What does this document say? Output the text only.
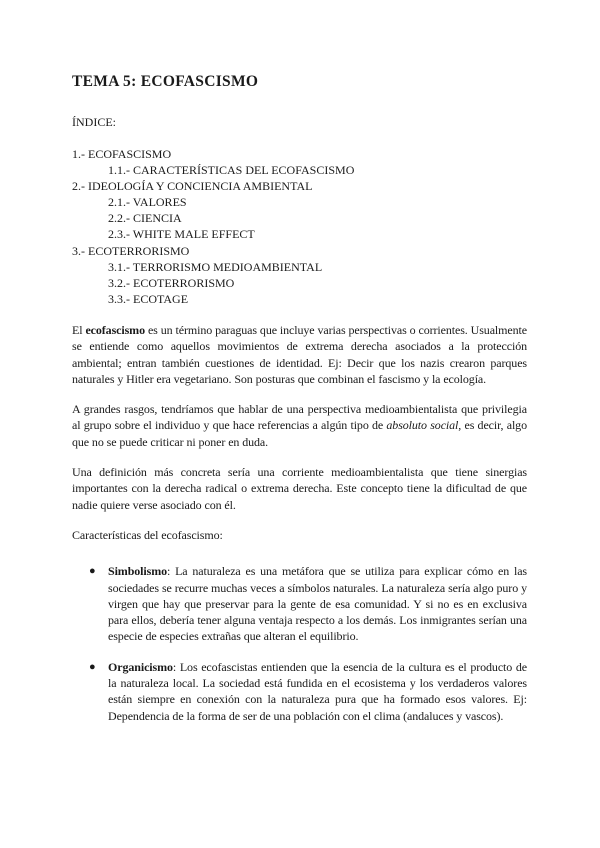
TEMA 5: ECOFASCISMO
ÍNDICE:
1.- ECOFASCISMO
1.1.- CARACTERÍSTICAS DEL ECOFASCISMO
2.- IDEOLOGÍA Y CONCIENCIA AMBIENTAL
2.1.- VALORES
2.2.- CIENCIA
2.3.- WHITE MALE EFFECT
3.- ECOTERRORISMO
3.1.- TERRORISMO MEDIOAMBIENTAL
3.2.- ECOTERRORISMO
3.3.- ECOTAGE

El ecofascismo es un término paraguas que incluye varias perspectivas o corrientes. Usualmente se entiende como aquellos movimientos de extrema derecha asociados a la protección ambiental; entran también cuestiones de identidad. Ej: Decir que los nazis crearon parques naturales y Hitler era vegetariano. Son posturas que combinan el fascismo y la ecología.

A grandes rasgos, tendríamos que hablar de una perspectiva medioambientalista que privilegia al grupo sobre el individuo y que hace referencias a algún tipo de absoluto social, es decir, algo que no se puede criticar ni poner en duda.

Una definición más concreta sería una corriente medioambientalista que tiene sinergias importantes con la derecha radical o extrema derecha. Este concepto tiene la dificultad de que nadie quiere verse asociado con él.

Características del ecofascismo:

● Simbolismo: La naturaleza es una metáfora que se utiliza para explicar cómo en las sociedades se recurre muchas veces a símbolos naturales. La naturaleza sería algo puro y virgen que hay que preservar para la gente de esa comunidad. Y si no es en exclusiva para ellos, debería tener alguna ventaja respecto a los demás. Los inmigrantes serían una especie de especies extrañas que alteran el equilibrio.
● Organicismo: Los ecofascistas entienden que la esencia de la cultura es el producto de la naturaleza local. La sociedad está fundida en el ecosistema y los verdaderos valores están siempre en conexión con la naturaleza pura que ha formado esos valores. Ej: Dependencia de la forma de ser de una población con el clima (andaluces y vascos).
